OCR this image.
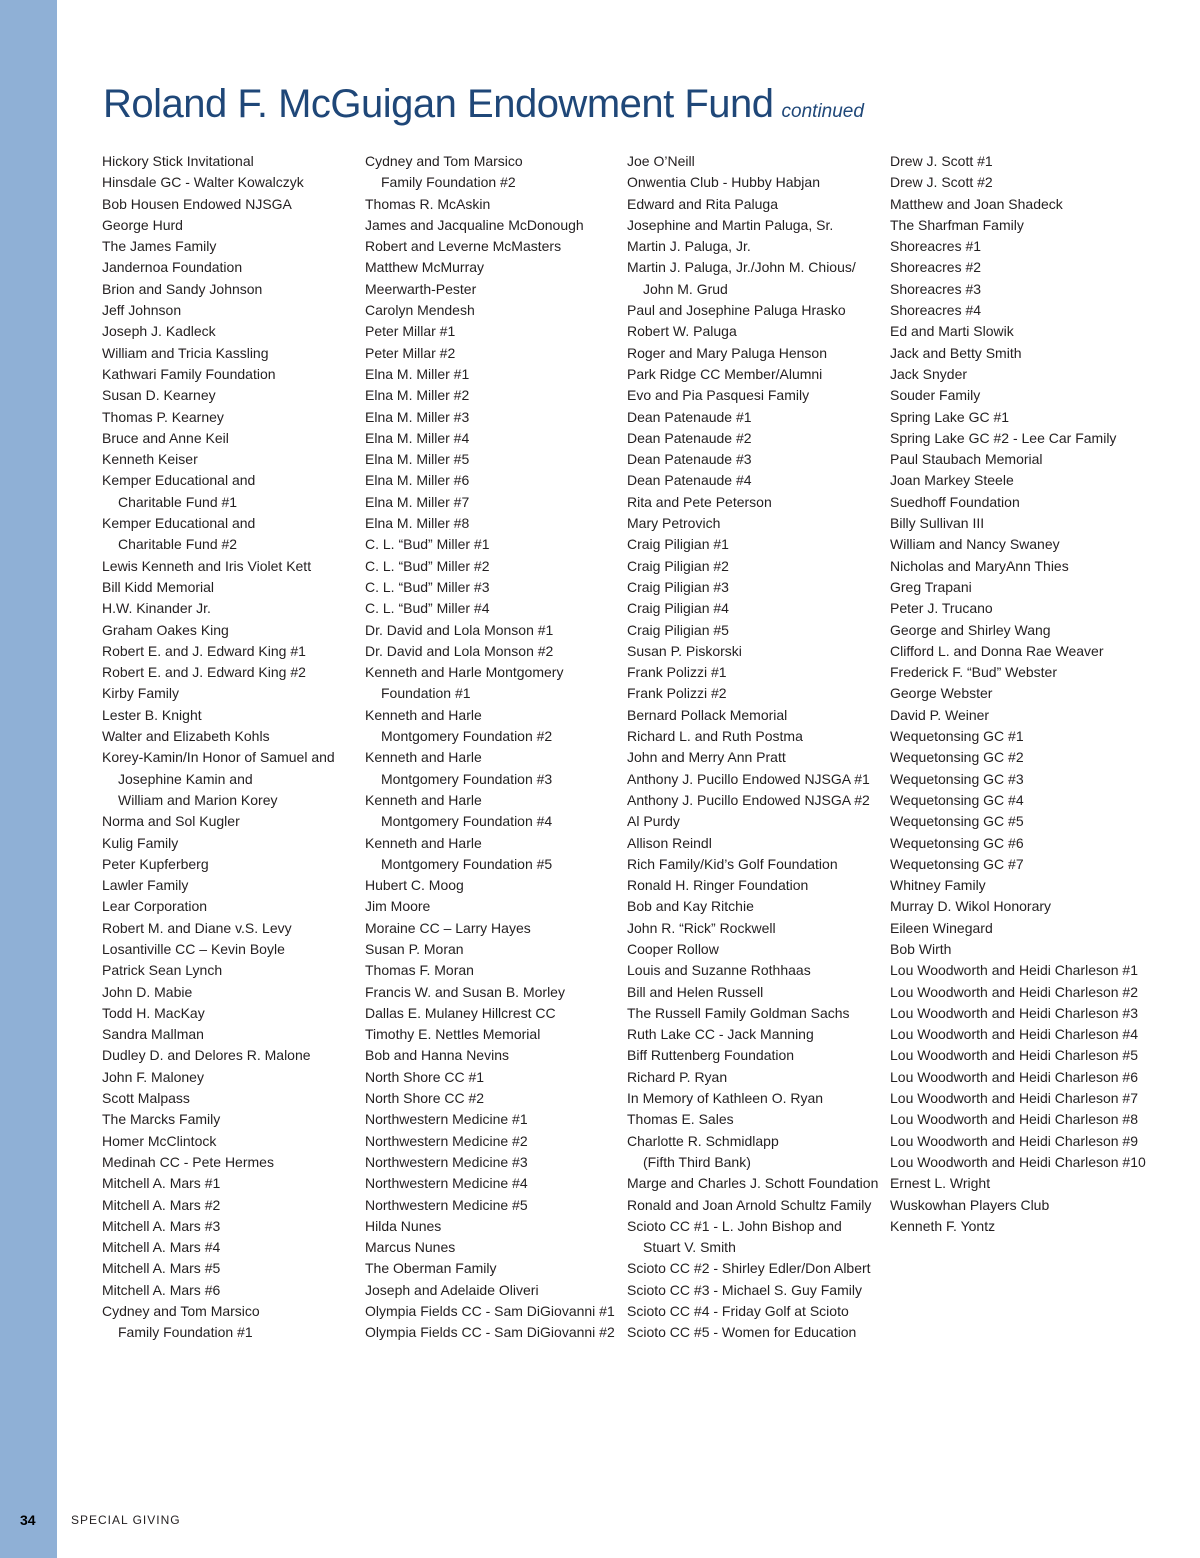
Roland F. McGuigan Endowment Fund continued
Hickory Stick Invitational
Hinsdale GC - Walter Kowalczyk
Bob Housen Endowed NJSGA
George Hurd
The James Family
Jandernoa Foundation
Brion and Sandy Johnson
Jeff Johnson
Joseph J. Kadleck
William and Tricia Kassling
Kathwari Family Foundation
Susan D. Kearney
Thomas P. Kearney
Bruce and Anne Keil
Kenneth Keiser
Kemper Educational and
Charitable Fund #1
Kemper Educational and
Charitable Fund #2
Lewis Kenneth and Iris Violet Kett
Bill Kidd Memorial
H.W. Kinander Jr.
Graham Oakes King
Robert E. and J. Edward King #1
Robert E. and J. Edward King #2
Kirby Family
Lester B. Knight
Walter and Elizabeth Kohls
Korey-Kamin/In Honor of Samuel and
Josephine Kamin and
William and Marion Korey
Norma and Sol Kugler
Kulig Family
Peter Kupferberg
Lawler Family
Lear Corporation
Robert M. and Diane v.S. Levy
Losantiville CC – Kevin Boyle
Patrick Sean Lynch
John D. Mabie
Todd H. MacKay
Sandra Mallman
Dudley D. and Delores R. Malone
John F. Maloney
Scott Malpass
The Marcks Family
Homer McClintock
Medinah CC - Pete Hermes
Mitchell A. Mars #1
Mitchell A. Mars #2
Mitchell A. Mars #3
Mitchell A. Mars #4
Mitchell A. Mars #5
Mitchell A. Mars #6
Cydney and Tom Marsico
Family Foundation #1
Cydney and Tom Marsico
Family Foundation #2
Thomas R. McAskin
James and Jacqualine McDonough
Robert and Leverne McMasters
Matthew McMurray
Meerwarth-Pester
Carolyn Mendesh
Peter Millar #1
Peter Millar #2
Elna M. Miller #1
Elna M. Miller #2
Elna M. Miller #3
Elna M. Miller #4
Elna M. Miller #5
Elna M. Miller #6
Elna M. Miller #7
Elna M. Miller #8
C. L. “Bud” Miller #1
C. L. “Bud” Miller #2
C. L. “Bud” Miller #3
C. L. “Bud” Miller #4
Dr. David and Lola Monson #1
Dr. David and Lola Monson #2
Kenneth and Harle Montgomery
Foundation #1
Kenneth and Harle
Montgomery Foundation #2
Kenneth and Harle
Montgomery Foundation #3
Kenneth and Harle
Montgomery Foundation #4
Kenneth and Harle
Montgomery Foundation #5
Hubert C. Moog
Jim Moore
Moraine CC – Larry Hayes
Susan P. Moran
Thomas F. Moran
Francis W. and Susan B. Morley
Dallas E. Mulaney Hillcrest CC
Timothy E. Nettles Memorial
Bob and Hanna Nevins
North Shore CC #1
North Shore CC #2
Northwestern Medicine #1
Northwestern Medicine #2
Northwestern Medicine #3
Northwestern Medicine #4
Northwestern Medicine #5
Hilda Nunes
Marcus Nunes
The Oberman Family
Joseph and Adelaide Oliveri
Olympia Fields CC - Sam DiGiovanni #1
Olympia Fields CC - Sam DiGiovanni #2
Joe O’Neill
Onwentia Club - Hubby Habjan
Edward and Rita Paluga
Josephine and Martin Paluga, Sr.
Martin J. Paluga, Jr.
Martin J. Paluga, Jr./John M. Chious/
John M. Grud
Paul and Josephine Paluga Hrasko
Robert W. Paluga
Roger and Mary Paluga Henson
Park Ridge CC Member/Alumni
Evo and Pia Pasquesi Family
Dean Patenaude #1
Dean Patenaude #2
Dean Patenaude #3
Dean Patenaude #4
Rita and Pete Peterson
Mary Petrovich
Craig Piligian #1
Craig Piligian #2
Craig Piligian #3
Craig Piligian #4
Craig Piligian #5
Susan P. Piskorski
Frank Polizzi #1
Frank Polizzi #2
Bernard Pollack Memorial
Richard L. and Ruth Postma
John and Merry Ann Pratt
Anthony J. Pucillo Endowed NJSGA #1
Anthony J. Pucillo Endowed NJSGA #2
Al Purdy
Allison Reindl
Rich Family/Kid’s Golf Foundation
Ronald H. Ringer Foundation
Bob and Kay Ritchie
John R. “Rick” Rockwell
Cooper Rollow
Louis and Suzanne Rothhaas
Bill and Helen Russell
The Russell Family Goldman Sachs
Ruth Lake CC - Jack Manning
Biff Ruttenberg Foundation
Richard P. Ryan
In Memory of Kathleen O. Ryan
Thomas E. Sales
Charlotte R. Schmidlapp
(Fifth Third Bank)
Marge and Charles J. Schott Foundation
Ronald and Joan Arnold Schultz Family
Scioto CC #1 - L. John Bishop and
Stuart V. Smith
Scioto CC #2 - Shirley Edler/Don Albert
Scioto CC #3 - Michael S. Guy Family
Scioto CC #4 - Friday Golf at Scioto
Scioto CC #5 - Women for Education
Drew J. Scott #1
Drew J. Scott #2
Matthew and Joan Shadeck
The Sharfman Family
Shoreacres #1
Shoreacres #2
Shoreacres #3
Shoreacres #4
Ed and Marti Slowik
Jack and Betty Smith
Jack Snyder
Souder Family
Spring Lake GC #1
Spring Lake GC #2 - Lee Car Family
Paul Staubach Memorial
Joan Markey Steele
Suedhoff Foundation
Billy Sullivan III
William and Nancy Swaney
Nicholas and MaryAnn Thies
Greg Trapani
Peter J. Trucano
George and Shirley Wang
Clifford L. and Donna Rae Weaver
Frederick F. “Bud” Webster
George Webster
David P. Weiner
Wequetonsing GC #1
Wequetonsing GC #2
Wequetonsing GC #3
Wequetonsing GC #4
Wequetonsing GC #5
Wequetonsing GC #6
Wequetonsing GC #7
Whitney Family
Murray D. Wikol Honorary
Eileen Winegard
Bob Wirth
Lou Woodworth and Heidi Charleson #1
Lou Woodworth and Heidi Charleson #2
Lou Woodworth and Heidi Charleson #3
Lou Woodworth and Heidi Charleson #4
Lou Woodworth and Heidi Charleson #5
Lou Woodworth and Heidi Charleson #6
Lou Woodworth and Heidi Charleson #7
Lou Woodworth and Heidi Charleson #8
Lou Woodworth and Heidi Charleson #9
Lou Woodworth and Heidi Charleson #10
Ernest L. Wright
Wuskowhan Players Club
Kenneth F. Yontz
34	SPECIAL GIVING
